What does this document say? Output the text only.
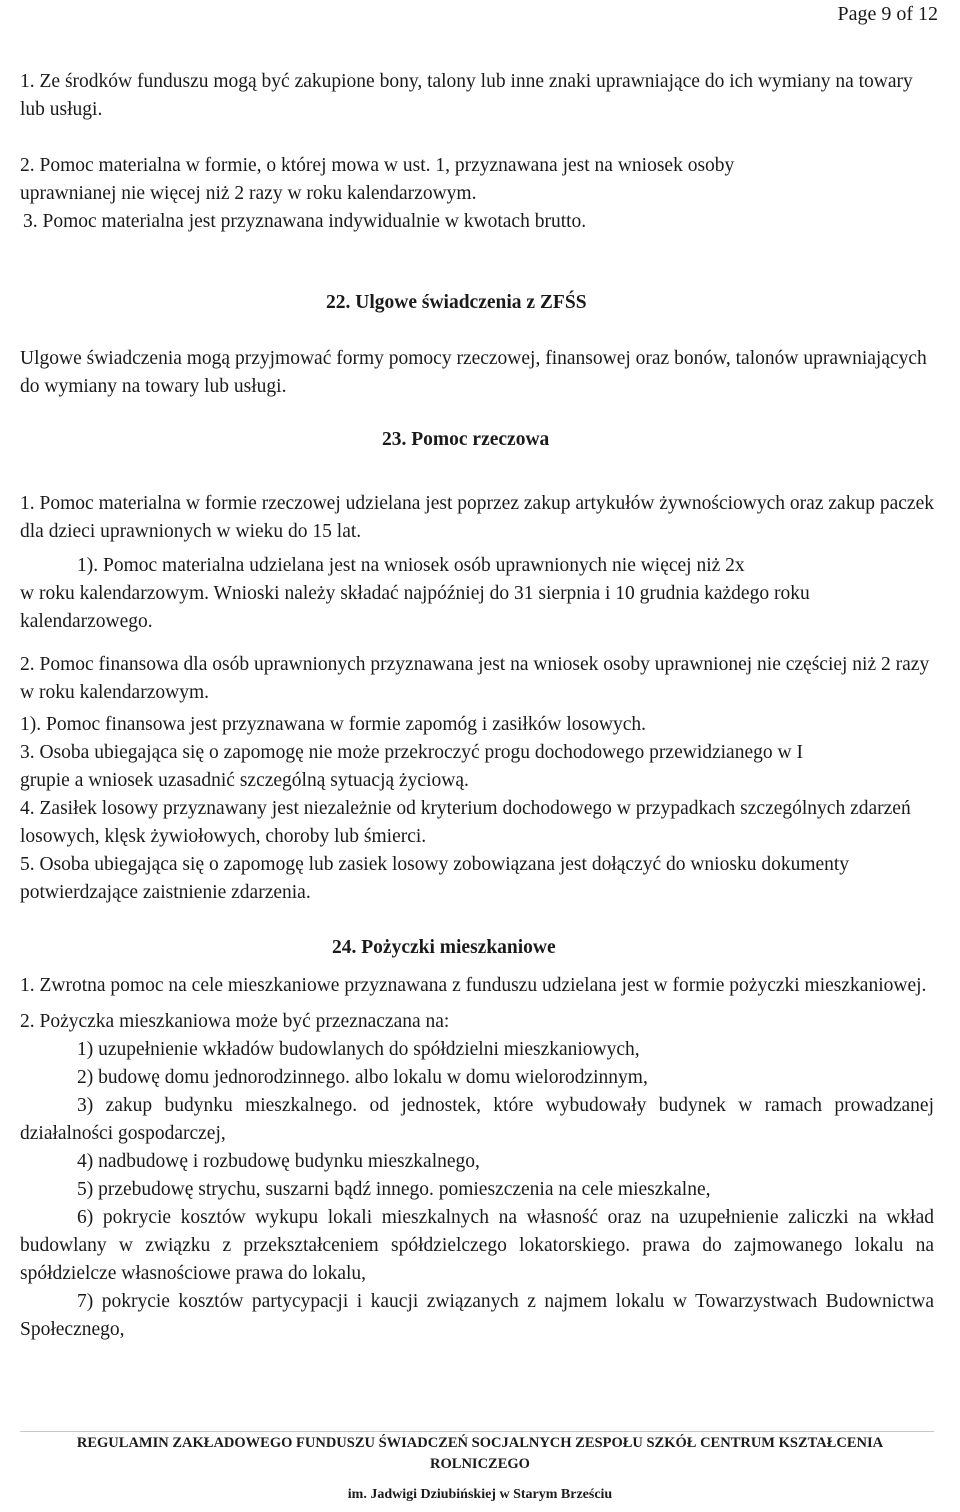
Page 9 of 12

1. Ze środków funduszu mogą być zakupione bony, talony lub inne znaki uprawniające do ich wymiany na towary lub usługi.

2. Pomoc materialna w formie, o której mowa w ust. 1, przyznawana jest na wniosek osoby

uprawnianej nie więcej niż 2 razy w roku kalendarzowym.

3. Pomoc materialna jest przyznawana indywidualnie w kwotach brutto.

22. Ulgowe świadczenia z ZFŚS

Ulgowe świadczenia mogą przyjmować formy pomocy rzeczowej, finansowej oraz bonów, talonów uprawniających do wymiany na towary lub usługi.

23. Pomoc rzeczowa

1. Pomoc materialna w formie rzeczowej udzielana jest poprzez zakup artykułów żywnościowych oraz zakup paczek dla dzieci uprawnionych w wieku do 15 lat.

1). Pomoc materialna udzielana jest na wniosek osób uprawnionych nie więcej niż 2x

w roku kalendarzowym. Wnioski należy składać najpóźniej do 31 sierpnia i 10 grudnia każdego roku kalendarzowego.

2. Pomoc finansowa dla osób uprawnionych przyznawana jest na wniosek osoby uprawnionej nie częściej niż 2 razy w roku kalendarzowym.

1). Pomoc finansowa jest przyznawana w formie zapomóg i zasiłków losowych.

3. Osoba ubiegająca się o zapomogę nie może przekroczyć progu dochodowego przewidzianego w I grupie a wniosek uzasadnić szczególną sytuacją życiową.

4. Zasiłek losowy przyznawany jest niezależnie od kryterium dochodowego w przypadkach szczególnych zdarzeń losowych, klęsk żywiołowych, choroby lub śmierci.

5. Osoba ubiegająca się o zapomogę lub zasiek losowy zobowiązana jest dołączyć do wniosku dokumenty potwierdzające zaistnienie zdarzenia.

24. Pożyczki mieszkaniowe

1. Zwrotna pomoc na cele mieszkaniowe przyznawana z funduszu udzielana jest w formie pożyczki mieszkaniowej.

2. Pożyczka mieszkaniowa może być przeznaczana na:

1) uzupełnienie wkładów budowlanych do spółdzielni mieszkaniowych,

2) budowę domu jednorodzinnego. albo lokalu w domu wielorodzinnym,

3) zakup budynku mieszkalnego. od jednostek, które wybudowały budynek w ramach prowadzanej działalności gospodarczej,

4) nadbudowę i rozbudowę budynku mieszkalnego,

5) przebudowę strychu, suszarni bądź innego. pomieszczenia na cele mieszkalne,

6) pokrycie kosztów wykupu lokali mieszkalnych na własność oraz na uzupełnienie zaliczki na wkład budowlany w związku z przekształceniem spółdzielczego lokatorskiego. prawa do zajmowanego lokalu na spółdzielcze własnościowe prawa do lokalu,

7) pokrycie kosztów partycypacji i kaucji związanych z najmem lokalu w Towarzystwach Budownictwa Społecznego,

REGULAMIN ZAKŁADOWEGO FUNDUSZU ŚWIADCZEŃ SOCJALNYCH ZESPOŁU SZKÓŁ CENTRUM KSZTAŁCENIA
ROLNICZEGO
im. Jadwigi Dziubińskiej w Starym Brześciu
